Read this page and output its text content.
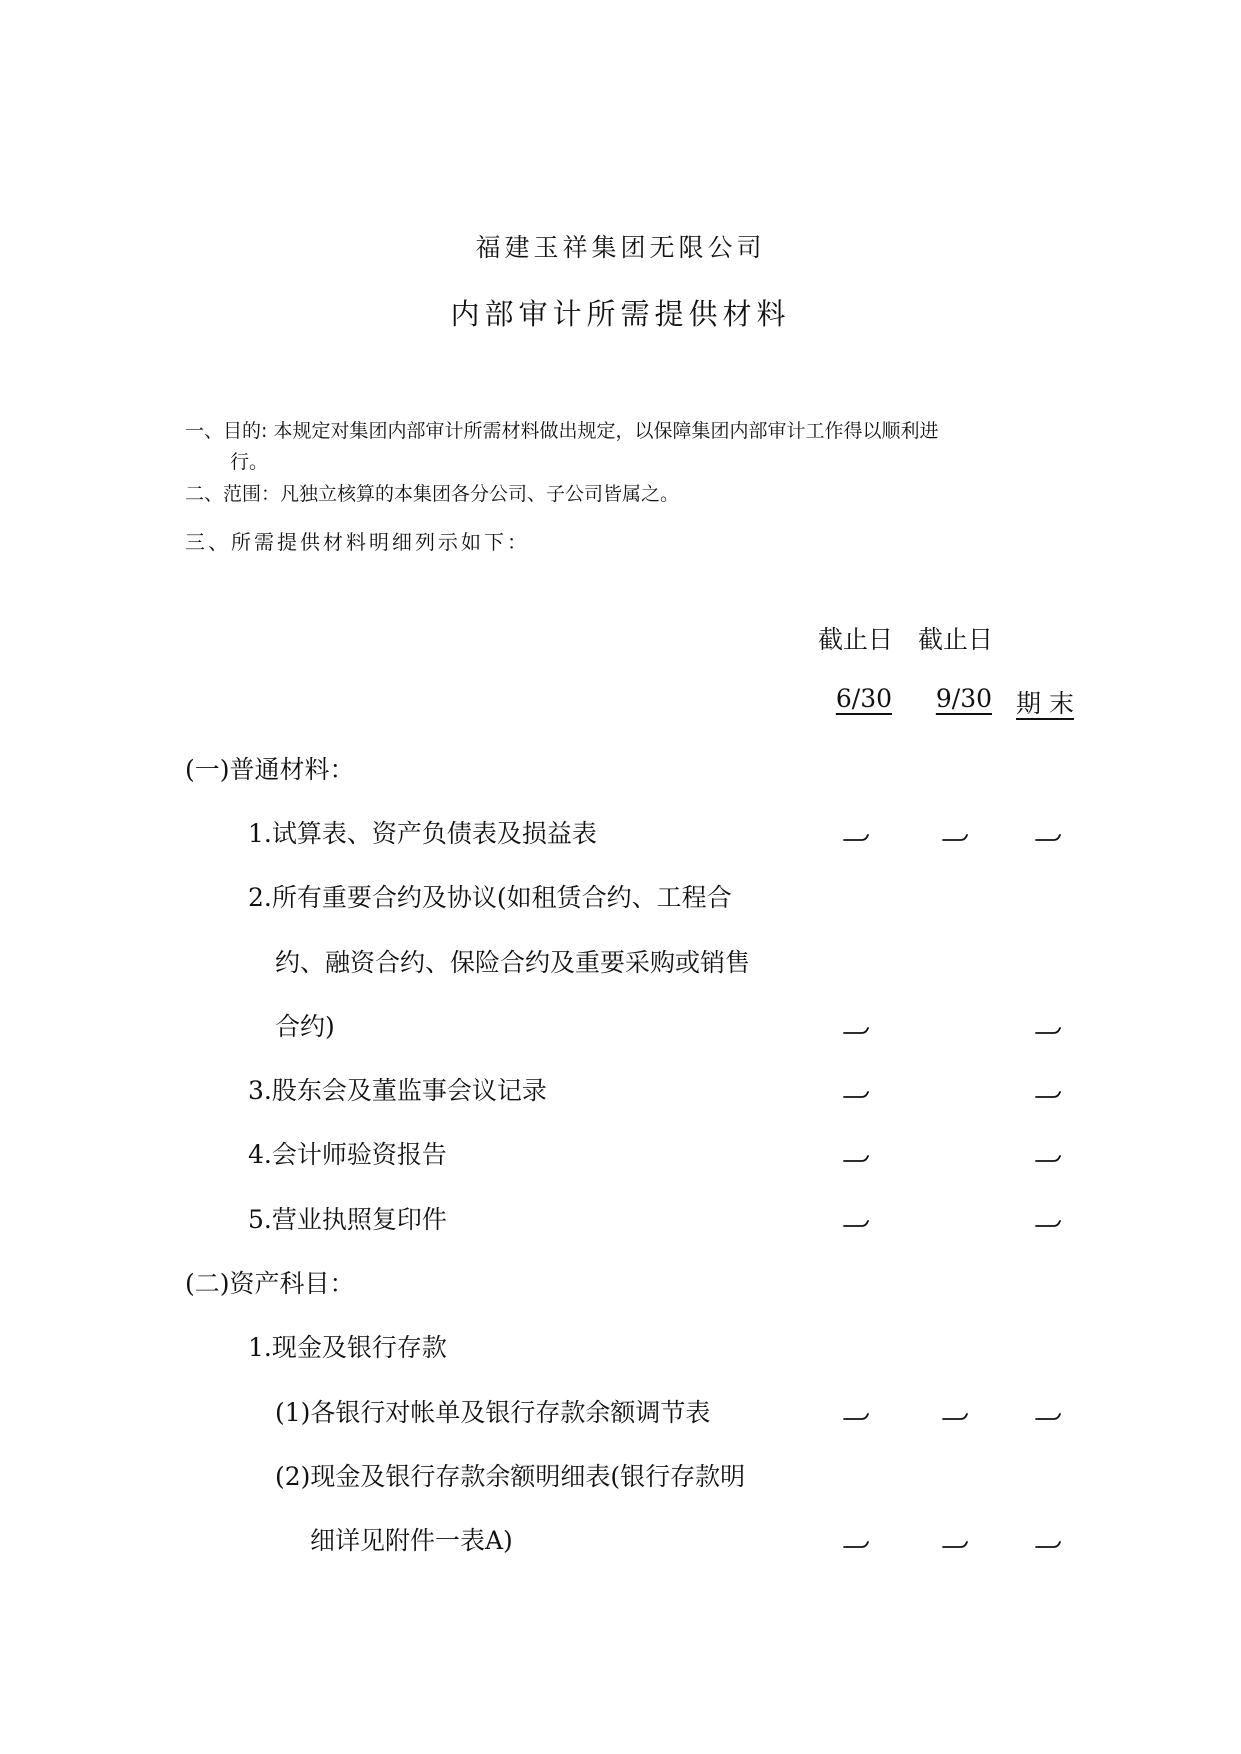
福建玉祥集团无限公司
内部审计所需提供材料
一、目的: 本规定对集团内部审计所需材料做出规定，以保障集团内部审计工作得以顺利进
行。
二、范围：凡独立核算的本集团各分公司、子公司皆属之。
三、所需提供材料明细列示如下：
截止日 截止日
6/30	9/30 期 末
(一)普通材料：
1.试算表、资产负债表及损益表
2.所有重要合约及协议(如租赁合约、工程合
约、融资合约、保险合约及重要采购或销售
合约)
3.股东会及董监事会议记录
4.会计师验资报告
5.营业执照复印件
(二)资产科目：
1.现金及银行存款
(1)各银行对帐单及银行存款余额调节表
(2)现金及银行存款余额明细表(银行存款明
细详见附件一表A)
